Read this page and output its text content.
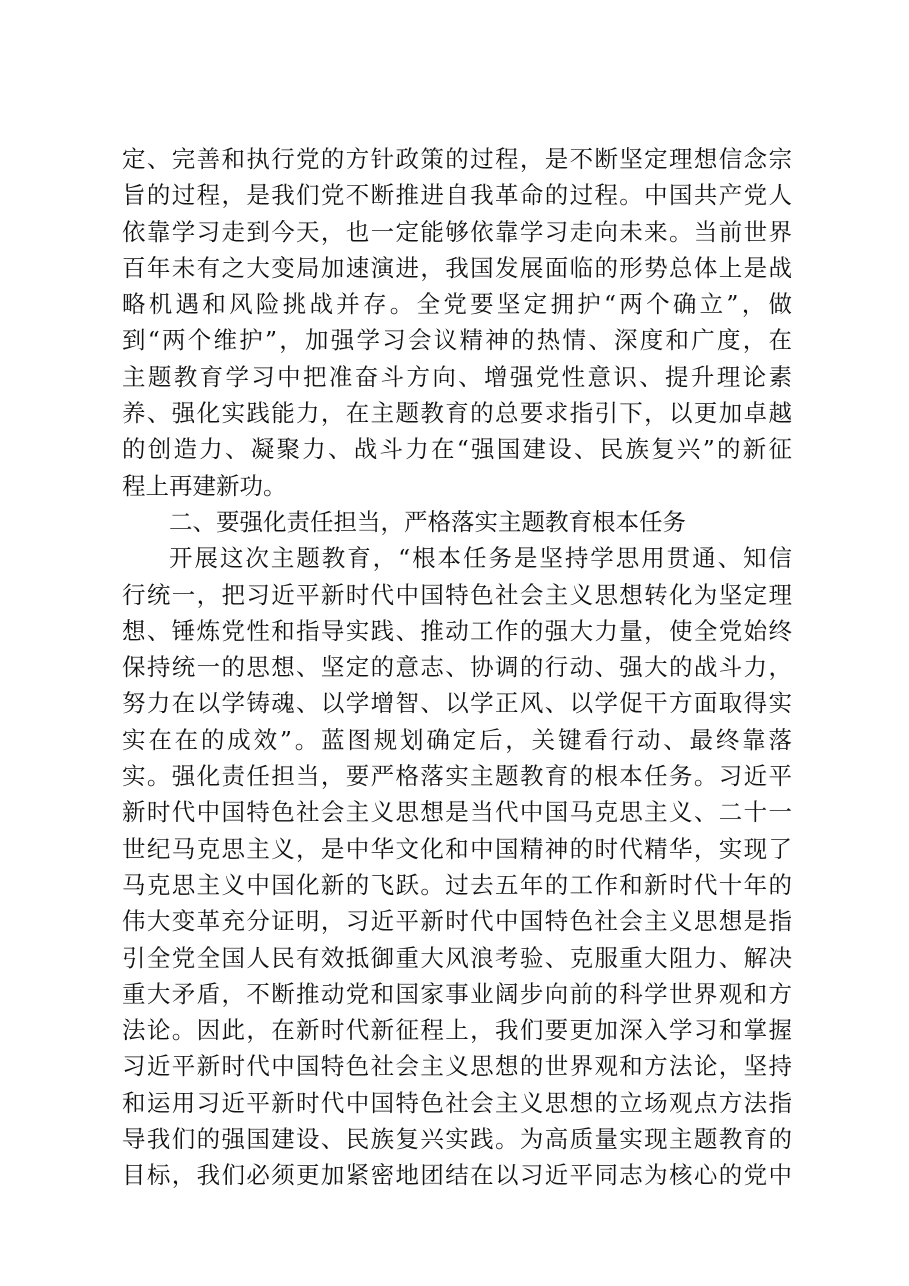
定、完善和执行党的方针政策的过程，是不断坚定理想信念宗
旨的过程，是我们党不断推进自我革命的过程。中国共产党人
依靠学习走到今天，也一定能够依靠学习走向未来。当前世界
百年未有之大变局加速演进，我国发展面临的形势总体上是战
略机遇和风险挑战并存。全党要坚定拥护“两个确立”，做
到“两个维护”，加强学习会议精神的热情、深度和广度，在
主题教育学习中把准奋斗方向、增强党性意识、提升理论素
养、强化实践能力，在主题教育的总要求指引下，以更加卓越
的创造力、凝聚力、战斗力在“强国建设、民族复兴”的新征
程上再建新功。
二、要强化责任担当，严格落实主题教育根本任务
开展这次主题教育，“根本任务是坚持学思用贯通、知信
行统一，把习近平新时代中国特色社会主义思想转化为坚定理
想、锤炼党性和指导实践、推动工作的强大力量，使全党始终
保持统一的思想、坚定的意志、协调的行动、强大的战斗力，
努力在以学铸魂、以学增智、以学正风、以学促干方面取得实
实在在的成效”。蓝图规划确定后，关键看行动、最终靠落
实。强化责任担当，要严格落实主题教育的根本任务。习近平
新时代中国特色社会主义思想是当代中国马克思主义、二十一
世纪马克思主义，是中华文化和中国精神的时代精华，实现了
马克思主义中国化新的飞跃。过去五年的工作和新时代十年的
伟大变革充分证明，习近平新时代中国特色社会主义思想是指
引全党全国人民有效抵御重大风浪考验、克服重大阻力、解决
重大矛盾，不断推动党和国家事业阔步向前的科学世界观和方
法论。因此，在新时代新征程上，我们要更加深入学习和掌握
习近平新时代中国特色社会主义思想的世界观和方法论，坚持
和运用习近平新时代中国特色社会主义思想的立场观点方法指
导我们的强国建设、民族复兴实践。为高质量实现主题教育的
目标，我们必须更加紧密地团结在以习近平同志为核心的党中
